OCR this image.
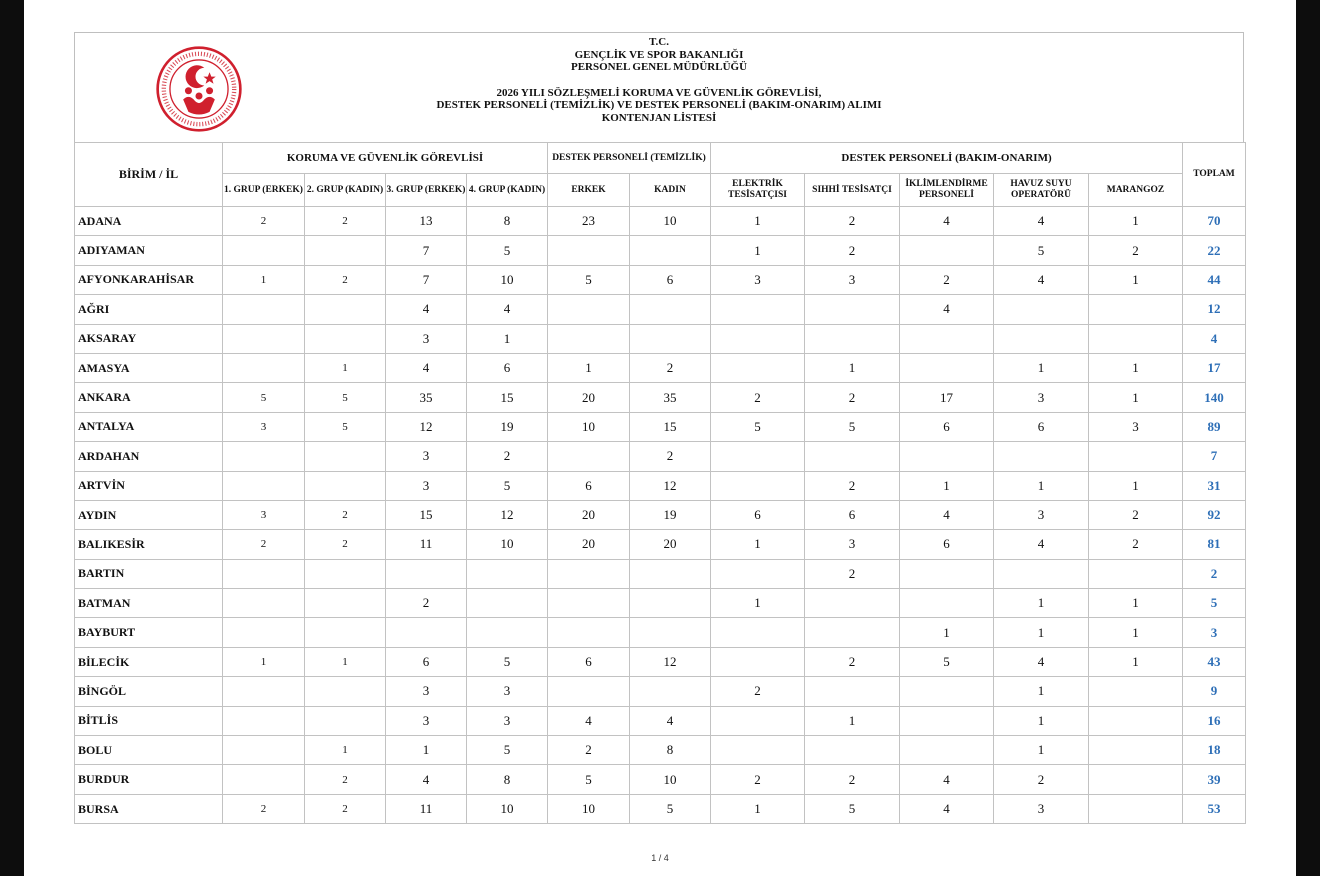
T.C.
GENÇLİK VE SPOR BAKANLIĞI
PERSONEL GENEL MÜDÜRLÜĞÜ
2026 YILI SÖZLEŞMELİ KORUMA VE GÜVENLİK GÖREVLİSİ,
DESTEK PERSONELİ (TEMİZLİK) VE DESTEK PERSONELİ (BAKIM-ONARIM) ALIMI
KONTENJAN LİSTESİ
BİRİM / İL	KORUMA VE GÜVENLİK GÖREVLİSİ				DESTEK PERSONELİ (TEMİZLİK)		DESTEK PERSONELİ (BAKIM-ONARIM)					TOPLAM
	1. GRUP (ERKEK)	2. GRUP (KADIN)	3. GRUP (ERKEK)	4. GRUP (KADIN)	ERKEK	KADIN	ELEKTRİK TESİSATÇISI	SIHHİ TESİSATÇI	İKLİMLENDİRME PERSONELİ	HAVUZ SUYU OPERATÖRÜ	MARANGOZ	
ADANA	2	2	13	8	23	10	1	2	4	4	1	70
ADIYAMAN			7	5			1	2		5	2	22
AFYONKARAHİSAR	1	2	7	10	5	6	3	3	2	4	1	44
AĞRI			4	4					4			12
AKSARAY			3	1								4
AMASYA		1	4	6	1	2		1		1	1	17
ANKARA	5	5	35	15	20	35	2	2	17	3	1	140
ANTALYA	3	5	12	19	10	15	5	5	6	6	3	89
ARDAHAN			3	2		2						7
ARTVİN			3	5	6	12		2	1	1	1	31
AYDIN	3	2	15	12	20	19	6	6	4	3	2	92
BALIKESİR	2	2	11	10	20	20	1	3	6	4	2	81
BARTIN								2				2
BATMAN			2				1			1	1	5
BAYBURT									1	1	1	3
BİLECİK	1	1	6	5	6	12		2	5	4	1	43
BİNGÖL			3	3			2			1		9
BİTLİS			3	3	4	4		1		1		16
BOLU		1	1	5	2	8				1		18
BURDUR		2	4	8	5	10	2	2	4	2		39
BURSA	2	2	11	10	10	5	1	5	4	3		53
1 / 4
